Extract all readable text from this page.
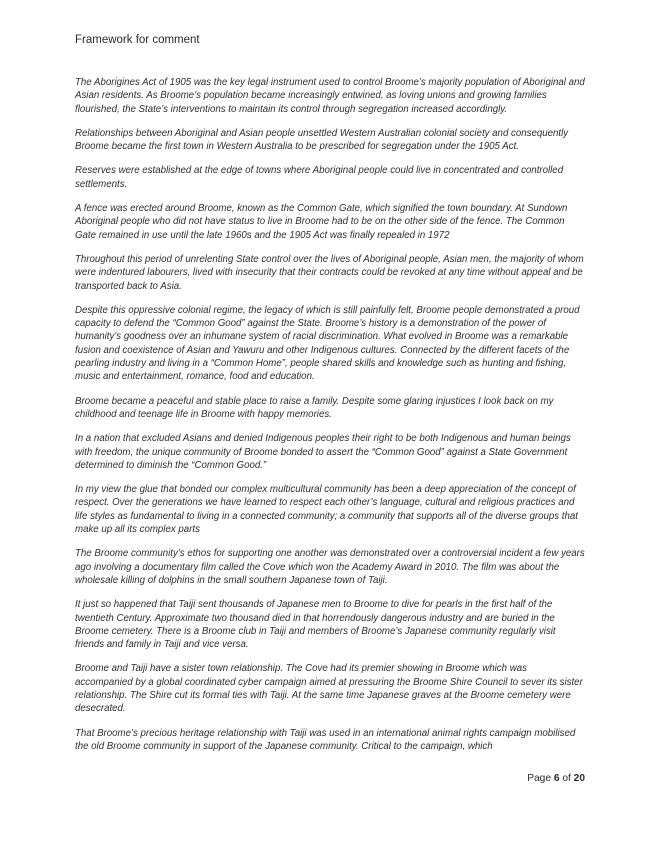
Framework for comment

The Aborigines Act of 1905 was the key legal instrument used to control Broome’s majority population of Aboriginal and Asian residents. As Broome’s population became increasingly entwined, as loving unions and growing families flourished, the State’s interventions to maintain its control through segregation increased accordingly.

Relationships between Aboriginal and Asian people unsettled Western Australian colonial society and consequently Broome became the first town in Western Australia to be prescribed for segregation under the 1905 Act.

Reserves were established at the edge of towns where Aboriginal people could live in concentrated and controlled settlements.

A fence was erected around Broome, known as the Common Gate, which signified the town boundary. At Sundown Aboriginal people who did not have status to live in Broome had to be on the other side of the fence. The Common Gate remained in use until the late 1960s and the 1905 Act was finally repealed in 1972

Throughout this period of unrelenting State control over the lives of Aboriginal people, Asian men, the majority of whom were indentured labourers, lived with insecurity that their contracts could be revoked at any time without appeal and be transported back to Asia.

Despite this oppressive colonial regime, the legacy of which is still painfully felt, Broome people demonstrated a proud capacity to defend the “Common Good” against the State. Broome’s history is a demonstration of the power of humanity’s goodness over an inhumane system of racial discrimination. What evolved in Broome was a remarkable fusion and coexistence of Asian and Yawuru and other Indigenous cultures. Connected by the different facets of the pearling industry and living in a “Common Home”, people shared skills and knowledge such as hunting and fishing, music and entertainment, romance, food and education.

Broome became a peaceful and stable place to raise a family. Despite some glaring injustices I look back on my childhood and teenage life in Broome with happy memories.

In a nation that excluded Asians and denied Indigenous peoples their right to be both Indigenous and human beings with freedom, the unique community of Broome bonded to assert the “Common Good” against a State Government determined to diminish the “Common Good.”

In my view the glue that bonded our complex multicultural community has been a deep appreciation of the concept of respect. Over the generations we have learned to respect each other’s language, cultural and religious practices and life styles as fundamental to living in a connected community; a community that supports all of the diverse groups that make up all its complex parts

The Broome community’s ethos for supporting one another was demonstrated over a controversial incident a few years ago involving a documentary film called the Cove which won the Academy Award in 2010. The film was about the wholesale killing of dolphins in the small southern Japanese town of Taiji.

It just so happened that Taiji sent thousands of Japanese men to Broome to dive for pearls in the first half of the twentieth Century. Approximate two thousand died in that horrendously dangerous industry and are buried in the Broome cemetery. There is a Broome club in Taiji and members of Broome’s Japanese community regularly visit friends and family in Taiji and vice versa.

Broome and Taiji have a sister town relationship. The Cove had its premier showing in Broome which was accompanied by a global coordinated cyber campaign aimed at pressuring the Broome Shire Council to sever its sister relationship. The Shire cut its formal ties with Taiji. At the same time Japanese graves at the Broome cemetery were desecrated.

That Broome’s precious heritage relationship with Taiji was used in an international animal rights campaign mobilised the old Broome community in support of the Japanese community. Critical to the campaign, which

Page 6 of 20
